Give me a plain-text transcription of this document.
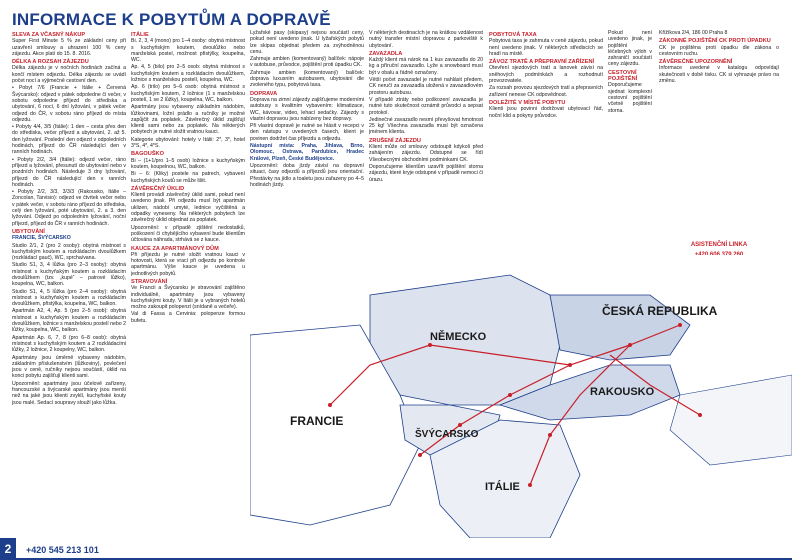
INFORMACE K POBYTŮM A DOPRAVĚ
SLEVA ZA VČASNÝ NÁKUP

Super First Minute 5 % ze základní ceny při uzavření smlouvy a uhrazení 100 % ceny zájezdu. Akce platí do 15. 8. 2016.

DÉLKA A ROZSAH ZÁJEZDU

Délka zájezdu je v nočních hodinách začíná a končí místem odjezdu. Délka zájezdu se uvádí počet nocí a výjimečně cestovní den.

• Pobyt 7/6 (Francie + Itálie + Červená Švýcarsko): odjezd v pátek odpoledne či večer, v sobotu odpoledne příjezd do střediska a ubytování, 6 nocí, 6 dní lyžování, v pátek večer odjezd do ČR, v sobotu ráno příjezd do místa odjezdu.

• Pobyty 4/4, 3/5 (Itálie): 1 den – cesta přes den do střediska, večer příjezd a ubytování, 2. až 5. den lyžování. Poslední den odjezd v odpoledních hodinách, příjezd do ČR následující den v ranních hodinách.

• Pobyty 2/2, 3/4 (Itálie): odjezd večer, ráno příjezd a lyžování, přesunutí do ubytování nebo v pozdních hodinách. Následuje 3 dny lyžování, příjezd do ČR následující den v ranních hodinách.

• Pobyty 2/2, 3/3, 3/3/3 (Rakousko, Itálie – Zoncolan, Tarvisio): odjezd ve čtvrtek večer nebo v pátek večer, v sobotu ráno příjezd do střediska, celý den lyžování, poté ubytování, 2. a 3. den lyžování. Odjezd po odpoledním lyžování, noční příjezd, příjezd do ČR v ranních hodinách.

UBYTOVÁNÍ

FRANCIE, ŠVÝCARSKO

Studio 2/1, 2 (pro 2 osoby): obytná místnost s kuchyňským koutem a rozkládacím dvoulůžkem (rozkládací gauč), WC, sprcha/vana.

Studio S1, 3, 4 lůžka (pro 2–3 osoby): obytná místnost s kuchyňským koutem a rozkládacím dvoulůžkem (tzv. „kupé“ – patrové lůžko), koupelna, WC, balkon.

Studio S1, 4, 5 lůžka (pro 2–4 osoby): obytná místnost s kuchyňským koutem a rozkládacím dvoulůžkem, přistýlka, koupelna, WC, balkon.

Apartmán A2, 4, Ap. 5 (pro 2–5 osob): obytná místnost s kuchyňským koutem a rozkládacím dvoulůžkem, ložnice s manželskou postelí nebo 2 lůžky, koupelna, WC, balkon.

Apartmán Ap. 6, 7, 8 (pro 6–8 osob): obytná místnost s kuchyňským koutem a 2 rozkládacími lůžky, 2 ložnice, 2 koupelny, WC, balkon.

Apartmány jsou úměrně vybaveny nádobím, základním příslušenstvím (lůžkoviny), povlečení jsou v ceně, ručníky nejsou součástí, úklid na konci pobytu zajišťují klienti sami.

Upozornění: apartmány jsou účelově zařízeny, francouzské a švýcarské apartmány jsou menší než na jaké jsou klienti zvyklí, kuchyňské kouty jsou malé. Sedací soupravy slouží jako lůžka.

ITÁLIE

Bi. 2, 3, 4 (mono) pro 1–4 osoby: obytná místnost s kuchyňským koutem, dvoulůžko nebo manželská postel, možnost přistýlky, koupelna, WC.

Ap. 4, 5 (bilo) pro 2–5 osob: obytná místnost s kuchyňským koutem a rozkládacím dvoulůžkem, ložnice s manželskou postelí, koupelna, WC.

Ap. 6 (trilo) pro 5–6 osob: obytná místnost s kuchyňským koutem, 2 ložnice (1 s manželskou postelí, 1 se 2 lůžky), koupelna, WC, balkon.

Apartmány jsou vybaveny základním nádobím, lůžkovinami, ložní prádlo a ručníky je možné zapůjčit za poplatek. Závěrečný úklid zajišťují klienti sami nebo za poplatek. Na některých pobytech je nutné složit vratnou kauci.

Kategorie ubytování: hotely v Itálii: 2*, 3*, hotel 3*S, 4*, 4*S.

BAGOUŠKO

Bi – (1+1/pro 1–5 osob) ložnice s kuchyňským koutem, koupelnou, WC, balkon.

Bi – 6: (Kliky) postele na patrech, vybavení kuchyňských koutů se může lišit.

ZÁVĚREČNÝ ÚKLID

Klienti provádí závěrečný úklid sami, pokud není uvedeno jinak. Při odjezdu musí být apartmán uklizen, nádobí umyté, lednice vyčištěná a odpadky vyneseny. Na některých pobytech lze závěrečný úklid objednat za poplatek.

Upozornění: v případě zjištění nedostatků, poškození či chybějícího vybavení bude klientům účtována náhrada, strhává se z kauce.

KAUCE ZA APARTMÁNOVÝ DŮM

Při příjezdu je nutné složit vratnou kauci v hotovosti, která se vrací při odjezdu po kontrole apartmánu. Výše kauce je uvedena u jednotlivých pobytů.

STRAVOVÁNÍ

Ve Francii a Švýcarsku je stravování zajištěno individuálně, apartmány jsou vybaveny kuchyňskými kouty. V Itálii je u vybraných hotelů možno zakoupit polopenzi (snídaně a večeře).

Val di Fassa a Cervinia: polopenze formou bufetu.

Lyžařské pasy (skipasy) nejsou součástí ceny, pokud není uvedeno jinak. U lyžařských pobytů lze skipas objednat předem za zvýhodněnou cenu.

Zahrnuje ambien (komentovaný) balíček: nápoje v autobuse, průvodce, pojištění proti úpadku CK.

Zahrnuje ambien (komentovaný) balíček: doprava luxusním autobusem, ubytování dle zvoleného typu, pobytová taxa.

DOPRAVA

Doprava na zimní zájezdy zajišťujeme moderními autobusy s kvalitním vybavením: klimatizace, WC, kávovar, video, lehací sedačky. Zájezdy s vlastní dopravou jsou nabízeny bez dopravy.

Při vlastní dopravě je nutné se hlásit v recepci v den nástupu v uvedených časech, klient je povinen dodržet čas příjezdu a odjezdu.

Nástupní místa: Praha, Jihlava, Brno, Olomouc, Ostrava, Pardubice, Hradec Králové, Plzeň, České Budějovice.

Upozornění: doba jízdy závisí na dopravní situaci, časy odjezdů a příjezdů jsou orientační. Přestávky na jídlo a toaletu jsou zařazeny po 4–5 hodinách jízdy.

V některých destinacích je na krátkou vzdálenost nutný transfer místní dopravou z parkoviště k ubytování.

ZAVAZADLA

Každý klient má nárok na 1 kus zavazadla do 20 kg a příruční zavazadlo. Lyže a snowboard musí být v obalu a řádně označeny.

Větší počet zavazadel je nutné nahlásit předem, CK neručí za zavazadla uložená v zavazadlovém prostoru autobusu.

V případě ztráty nebo poškození zavazadla je nutné tuto skutečnost oznámit průvodci a sepsat protokol.

Jedinečné zavazadlo nesmí převyšovat hmotnost 25 kg! Všechna zavazadla musí být označena jménem klienta.

ZRUŠENÍ ZÁJEZDU

Klient může od smlouvy odstoupit kdykoli před zahájením zájezdu. Odstupné se řídí Všeobecnými obchodními podmínkami CK.

Doporučujeme klientům uzavřít pojištění storna zájezdu, které kryje odstupné v případě nemoci či úrazu.

POBYTOVÁ TAXA

Pobytová taxa je zahrnuta v ceně zájezdu, pokud není uvedeno jinak. V některých střediscích se hradí na místě.

ZÁVOZ TRATĚ A PŘEPRAVNÍ ZAŘÍZENÍ

Otevření sjezdových tratí a lanovek závisí na sněhových podmínkách a rozhodnutí provozovatele.

Za rozsah provozu sjezdových tratí a přepravních zařízení nenese CK odpovědnost.

DOLEŽITÉ V MÍSTĚ POBYTU

Klienti jsou povinni dodržovat ubytovací řád, noční klid a pokyny průvodce.

Pokud není uvedeno jinak, je pojištění léčebných výloh v zahraničí součástí ceny zájezdu.

CESTOVNÍ POJIŠTĚNÍ

Doporučujeme sjednat komplexní cestovní pojištění včetně pojištění storna.

Křižíkova 2/4, 186 00 Praha 8

ZÁKONNÉ POJIŠTĚNÍ CK PROTI ÚPADKU

CK je pojištěna proti úpadku dle zákona o cestovním ruchu.

ZÁVĚREČNÉ UPOZORNĚNÍ

Informace uvedené v katalogu odpovídají skutečnosti v době tisku. CK si vyhrazuje právo na změnu.

ASISTENČNÍ LINKA
ČESKÁ REPUBLIKA
NĚMECKO
RAKOUSKO
FRANCIE
ŠVÝCARSKO
ITÁLIE
2	+420 545 213 101
